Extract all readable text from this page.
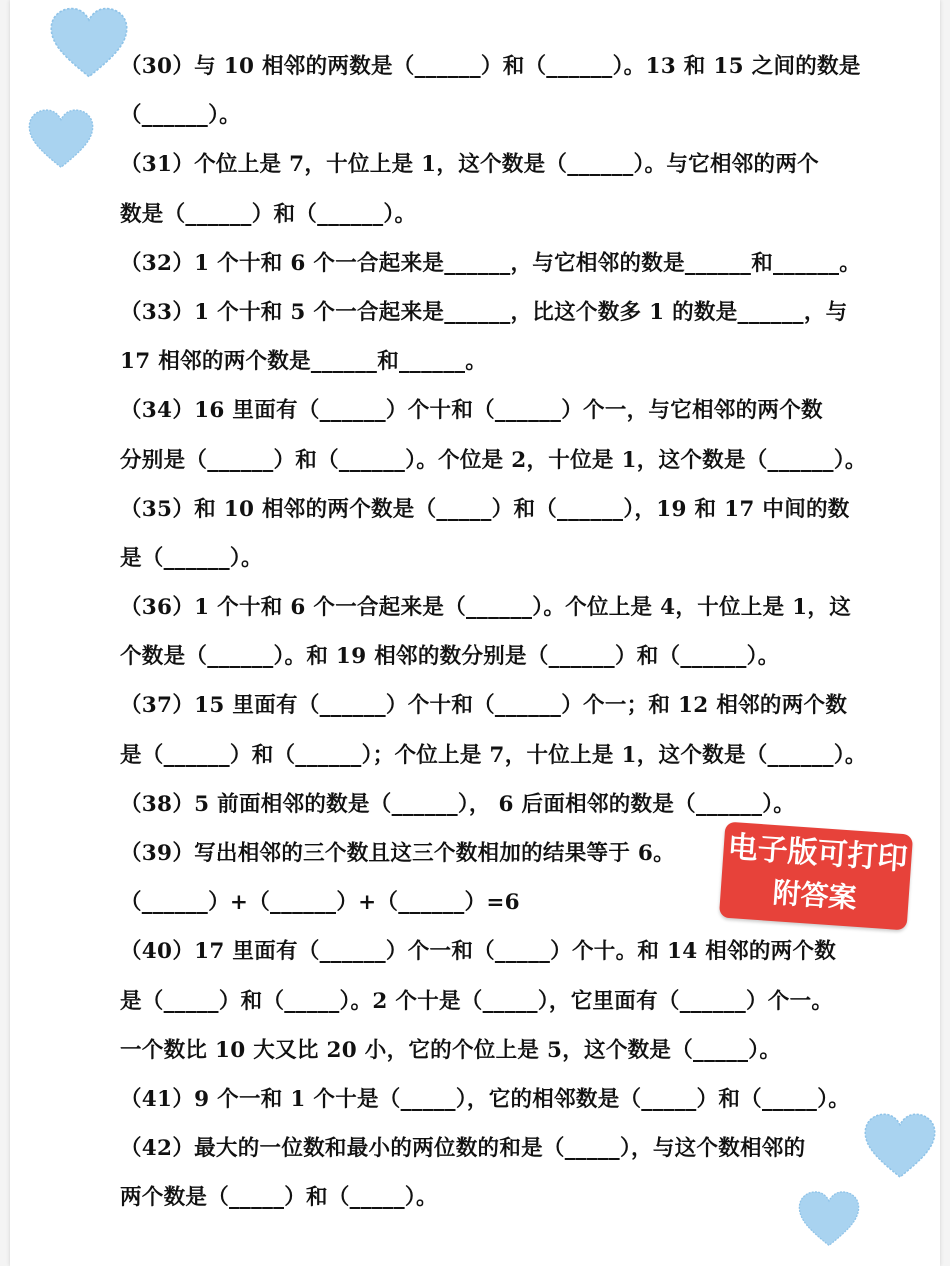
（30）与 10 相邻的两数是（______）和（______）。13 和 15 之间的数是
（______）。
（31）个位上是 7，十位上是 1，这个数是（______）。与它相邻的两个
数是（______）和（______）。
（32）1 个十和 6 个一合起来是______，与它相邻的数是______和______。
（33）1 个十和 5 个一合起来是______，比这个数多 1 的数是______，与
17 相邻的两个数是______和______。
（34）16 里面有（______）个十和（______）个一，与它相邻的两个数
分别是（______）和（______）。个位是 2，十位是 1，这个数是（______）。
（35）和 10 相邻的两个数是（_____）和（______），19 和 17 中间的数
是（______）。
（36）1 个十和 6 个一合起来是（______）。个位上是 4，十位上是 1，这
个数是（______）。和 19 相邻的数分别是（______）和（______）。
（37）15 里面有（______）个十和（______）个一；和 12 相邻的两个数
是（______）和（______）；个位上是 7，十位上是 1，这个数是（______）。
（38）5 前面相邻的数是（______）， 6 后面相邻的数是（______）。
（39）写出相邻的三个数且这三个数相加的结果等于 6。
（______）+（______）+（______）=6
（40）17 里面有（______）个一和（_____）个十。和 14 相邻的两个数
是（_____）和（_____）。2 个十是（_____），它里面有（______）个一。
一个数比 10 大又比 20 小，它的个位上是 5，这个数是（_____）。
（41）9 个一和 1 个十是（_____），它的相邻数是（_____）和（_____）。
（42）最大的一位数和最小的两位数的和是（_____），与这个数相邻的
两个数是（_____）和（_____）。
电子版可打印
附答案
